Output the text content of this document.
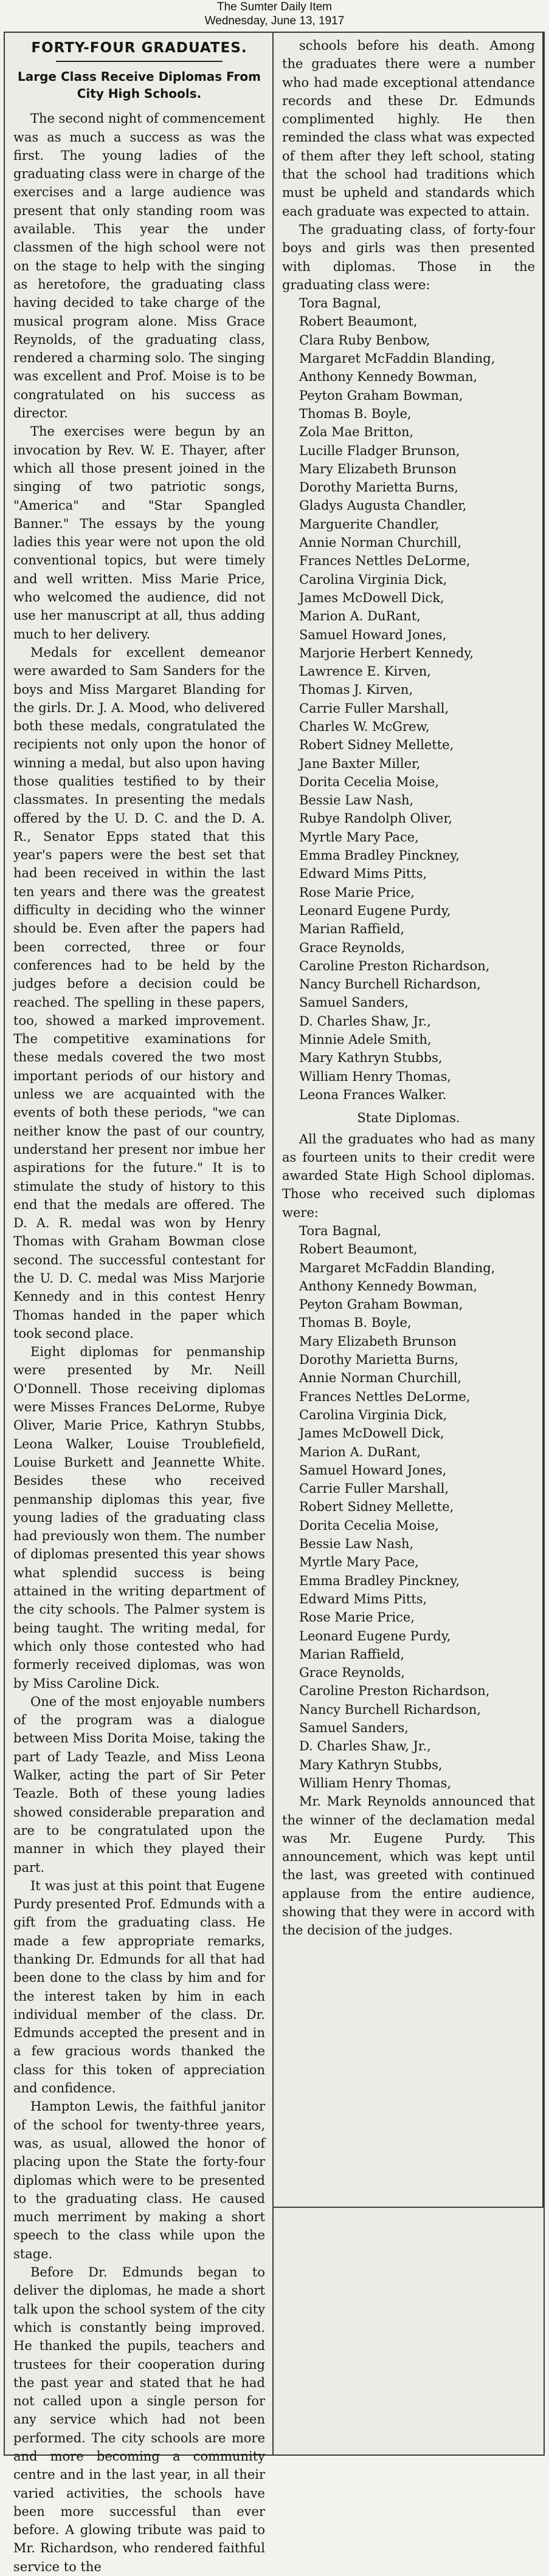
The Sumter Daily Item
Wednesday, June 13, 1917
FORTY-FOUR GRADUATES.
Large Class Receive Diplomas From City High Schools.

The second night of commencement was as much a success as was the first. The young ladies of the graduating class were in charge of the exercises and a large audience was present that only standing room was available. This year the under classmen of the high school were not on the stage to help with the singing as heretofore, the graduating class having decided to take charge of the musical program alone. Miss Grace Reynolds, of the graduating class, rendered a charming solo. The singing was excellent and Prof. Moise is to be congratulated on his success as director.

The exercises were begun by an invocation by Rev. W. E. Thayer, after which all those present joined in the singing of two patriotic songs, "America" and "Star Spangled Banner." The essays by the young ladies this year were not upon the old conventional topics, but were timely and well written. Miss Marie Price, who welcomed the audience, did not use her manuscript at all, thus adding much to her delivery.

Medals for excellent demeanor were awarded to Sam Sanders for the boys and Miss Margaret Blanding for the girls. Dr. J. A. Mood, who delivered both these medals, congratulated the recipients not only upon the honor of winning a medal, but also upon having those qualities testified to by their classmates. In presenting the medals offered by the U. D. C. and the D. A. R., Senator Epps stated that this year's papers were the best set that had been received in within the last ten years and there was the greatest difficulty in deciding who the winner should be. Even after the papers had been corrected, three or four conferences had to be held by the judges before a decision could be reached. The spelling in these papers, too, showed a marked improvement. The competitive examinations for these medals covered the two most important periods of our history and unless we are acquainted with the events of both these periods, "we can neither know the past of our country, understand her present nor imbue her aspirations for the future." It is to stimulate the study of history to this end that the medals are offered. The D. A. R. medal was won by Henry Thomas with Graham Bowman close second. The successful contestant for the U. D. C. medal was Miss Marjorie Kennedy and in this contest Henry Thomas handed in the paper which took second place.

Eight diplomas for penmanship were presented by Mr. Neill O'Donnell. Those receiving diplomas were Misses Frances DeLorme, Rubye Oliver, Marie Price, Kathryn Stubbs, Leona Walker, Louise Troublefield, Louise Burkett and Jeannette White. Besides these who received penmanship diplomas this year, five young ladies of the graduating class had previously won them. The number of diplomas presented this year shows what splendid success is being attained in the writing department of the city schools. The Palmer system is being taught. The writing medal, for which only those contested who had formerly received diplomas, was won by Miss Caroline Dick.

One of the most enjoyable numbers of the program was a dialogue between Miss Dorita Moise, taking the part of Lady Teazle, and Miss Leona Walker, acting the part of Sir Peter Teazle. Both of these young ladies showed considerable preparation and are to be congratulated upon the manner in which they played their part.

It was just at this point that Eugene Purdy presented Prof. Edmunds with a gift from the graduating class. He made a few appropriate remarks, thanking Dr. Edmunds for all that had been done to the class by him and for the interest taken by him in each individual member of the class. Dr. Edmunds accepted the present and in a few gracious words thanked the class for this token of appreciation and confidence.

Hampton Lewis, the faithful janitor of the school for twenty-three years, was, as usual, allowed the honor of placing upon the State the forty-four diplomas which were to be presented to the graduating class. He caused much merriment by making a short speech to the class while upon the stage.

Before Dr. Edmunds began to deliver the diplomas, he made a short talk upon the school system of the city which is constantly being improved. He thanked the pupils, teachers and trustees for their cooperation during the past year and stated that he had not called upon a single person for any service which had not been performed. The city schools are more and more becoming a community centre and in the last year, in all their varied activities, the schools have been more successful than ever before. A glowing tribute was paid to Mr. Richardson, who rendered faithful service to the

schools before his death. Among the graduates there were a number who had made exceptional attendance records and these Dr. Edmunds complimented highly. He then reminded the class what was expected of them after they left school, stating that the school had traditions which must be upheld and standards which each graduate was expected to attain.

The graduating class, of forty-four boys and girls was then presented with diplomas. Those in the graduating class were:

Tora Bagnal,
Robert Beaumont,
Clara Ruby Benbow,
Margaret McFaddin Blanding,
Anthony Kennedy Bowman,
Peyton Graham Bowman,
Thomas B. Boyle,
Zola Mae Britton,
Lucille Fladger Brunson,
Mary Elizabeth Brunson
Dorothy Marietta Burns,
Gladys Augusta Chandler,
Marguerite Chandler,
Annie Norman Churchill,
Frances Nettles DeLorme,
Carolina Virginia Dick,
James McDowell Dick,
Marion A. DuRant,
Samuel Howard Jones,
Marjorie Herbert Kennedy,
Lawrence E. Kirven,
Thomas J. Kirven,
Carrie Fuller Marshall,
Charles W. McGrew,
Robert Sidney Mellette,
Jane Baxter Miller,
Dorita Cecelia Moise,
Bessie Law Nash,
Rubye Randolph Oliver,
Myrtle Mary Pace,
Emma Bradley Pinckney,
Edward Mims Pitts,
Rose Marie Price,
Leonard Eugene Purdy,
Marian Raffield,
Grace Reynolds,
Caroline Preston Richardson,
Nancy Burchell Richardson,
Samuel Sanders,
D. Charles Shaw, Jr.,
Minnie Adele Smith,
Mary Kathryn Stubbs,
William Henry Thomas,
Leona Frances Walker.

State Diplomas.

All the graduates who had as many as fourteen units to their credit were awarded State High School diplomas. Those who received such diplomas were:

Tora Bagnal,
Robert Beaumont,
Margaret McFaddin Blanding,
Anthony Kennedy Bowman,
Peyton Graham Bowman,
Thomas B. Boyle,
Mary Elizabeth Brunson
Dorothy Marietta Burns,
Annie Norman Churchill,
Frances Nettles DeLorme,
Carolina Virginia Dick,
James McDowell Dick,
Marion A. DuRant,
Samuel Howard Jones,
Carrie Fuller Marshall,
Robert Sidney Mellette,
Dorita Cecelia Moise,
Bessie Law Nash,
Myrtle Mary Pace,
Emma Bradley Pinckney,
Edward Mims Pitts,
Rose Marie Price,
Leonard Eugene Purdy,
Marian Raffield,
Grace Reynolds,
Caroline Preston Richardson,
Nancy Burchell Richardson,
Samuel Sanders,
D. Charles Shaw, Jr.,
Mary Kathryn Stubbs,
William Henry Thomas,

Mr. Mark Reynolds announced that the winner of the declamation medal was Mr. Eugene Purdy. This announcement, which was kept until the last, was greeted with continued applause from the entire audience, showing that they were in accord with the decision of the judges.
